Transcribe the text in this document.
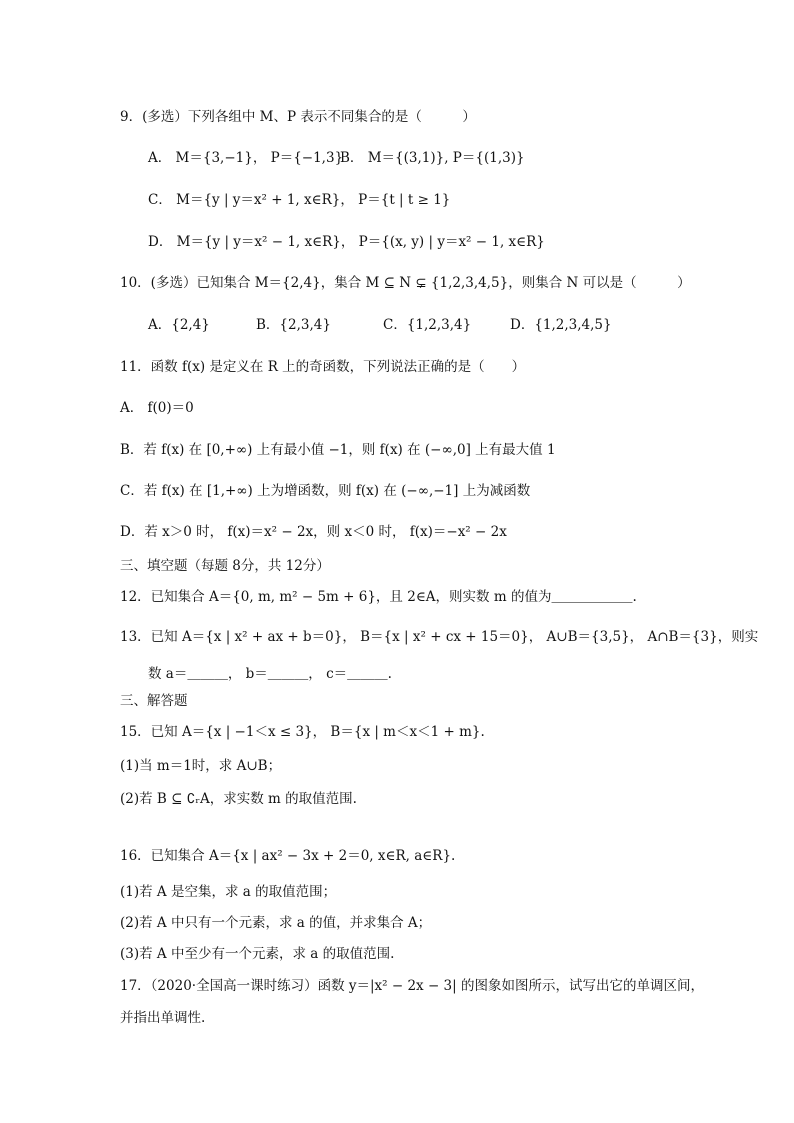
9．(多选）下列各组中 M、P 表示不同集合的是（　　　）
A． M＝{3,−1}， P＝{−1,3}
B． M＝{(3,1)}, P＝{(1,3)}
C． M＝{y | y＝x² + 1, x∈R}， P＝{t | t ≥ 1}
D． M＝{y | y＝x² − 1, x∈R}， P＝{(x, y) | y＝x² − 1, x∈R}
10．(多选）已知集合 M＝{2,4}，集合 M ⊆ N ⊊ {1,2,3,4,5}，则集合 N 可以是（　　　）
A．{2,4}	B．{2,3,4}	C．{1,2,3,4}	D．{1,2,3,4,5}
11．函数 f(x) 是定义在 R 上的奇函数，下列说法正确的是（　　）
A． f(0)＝0
B．若 f(x) 在 [0,+∞) 上有最小值 −1，则 f(x) 在 (−∞,0] 上有最大值 1
C．若 f(x) 在 [1,+∞) 上为增函数，则 f(x) 在 (−∞,−1] 上为减函数
D．若 x＞0 时， f(x)＝x² − 2x，则 x＜0 时， f(x)＝−x² − 2x
三、填空题（每题 8分，共 12分）
12．已知集合 A＝{0, m, m² − 5m + 6}，且 2∈A，则实数 m 的值为＿＿＿＿＿＿.
13．已知 A＝{x | x² + ax + b＝0}， B＝{x | x² + cx + 15＝0}， A∪B＝{3,5}， A∩B＝{3}，则实
数 a＝＿＿＿， b＝＿＿＿， c＝＿＿＿.
三、解答题
15．已知 A＝{x | −1＜x ≤ 3}， B＝{x | m＜x＜1 + m}.
(1)当 m＝1时，求 A∪B；
(2)若 B ⊆ ∁ᵣA，求实数 m 的取值范围.
16．已知集合 A＝{x | ax² − 3x + 2＝0, x∈R, a∈R}.
(1)若 A 是空集，求 a 的取值范围；
(2)若 A 中只有一个元素，求 a 的值，并求集合 A；
(3)若 A 中至少有一个元素，求 a 的取值范围.
17．（2020·全国高一课时练习）函数 y＝|x² − 2x − 3| 的图象如图所示，试写出它的单调区间，
并指出单调性.
